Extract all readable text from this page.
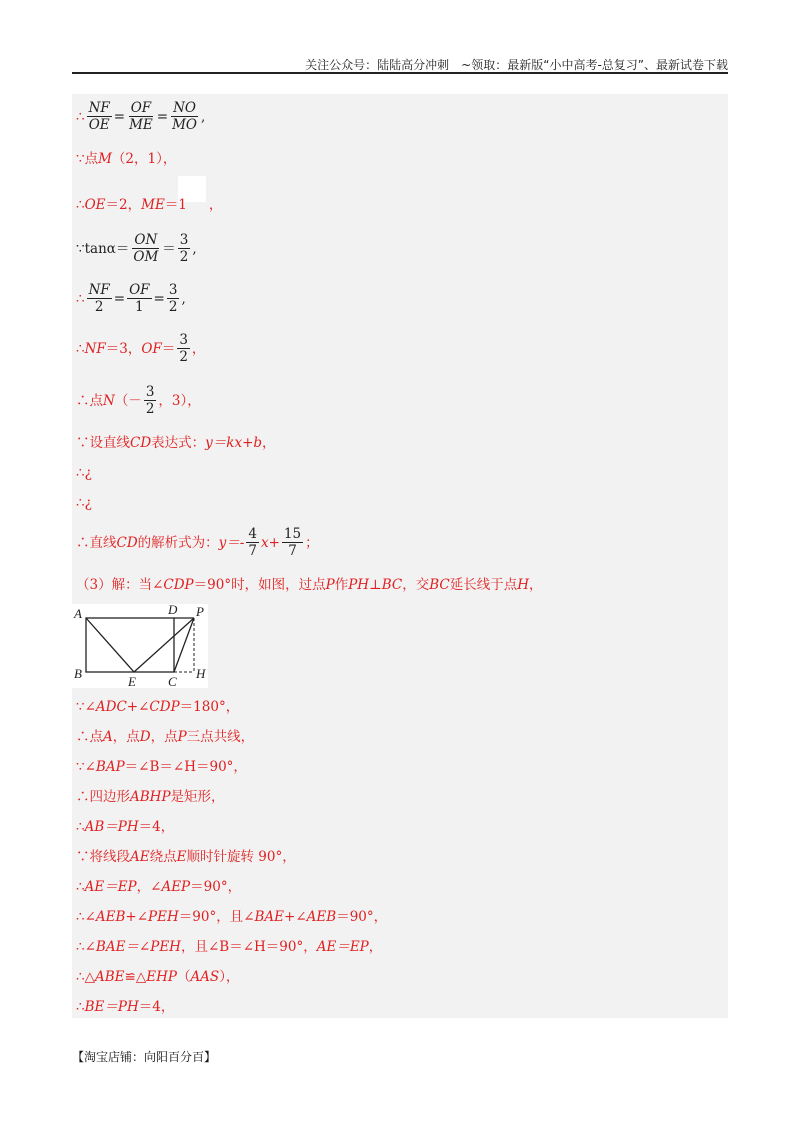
关注公众号：陆陆高分冲刺　~领取：最新版“小中高考-总复习”、最新试卷下载
∴ $\frac{NF}{OE} = \frac{OF}{ME} = \frac{NO}{MO}$ ,
∵ 点 M （2，1），
∴ OE ＝2， ME ＝1 ，
∵tanα＝ $\frac{ON}{OM} = \frac{3}{2}$ ,
∴ $\frac{NF}{2} = \frac{OF}{1} = \frac{3}{2}$ ,
∴ NF ＝3， OF ＝ $\frac{3}{2}$ ，
∴点 N （－ $\frac{3}{2}$ ，3），
∵设直线 CD 表达式： y＝kx+b ，
∴¿
∴¿
∴直线 CD 的解析式为： $y=- \frac{4}{7} x+ \frac{15}{7}$ ；
（3）解：当∠ CDP ＝90°时，如图，过点 P 作 PH⊥BC ，交 BC 延长线于点 H ，
A
B
D P
E C
H
∵∠ ADC+∠CDP ＝180°，
∴点 A ，点 D ，点 P 三点共线，
∵∠ BAP ＝∠B＝∠H＝90°，
∴四边形 ABHP 是矩形，
∴ AB＝PH ＝4，
∵将线段 AE 绕点 E 顺时针旋转 90°，
∴ AE＝EP ，∠ AEP ＝90°，
∴∠ AEB+∠PEH ＝90°，且∠ BAE+∠AEB ＝90°，
∴∠ BAE＝∠PEH ，且∠B＝∠H＝90°， AE＝EP ，
∴△ ABE ≌△ EHP （ AAS ），
∴ BE＝PH ＝4，
【淘宝店铺：向阳百分百】
